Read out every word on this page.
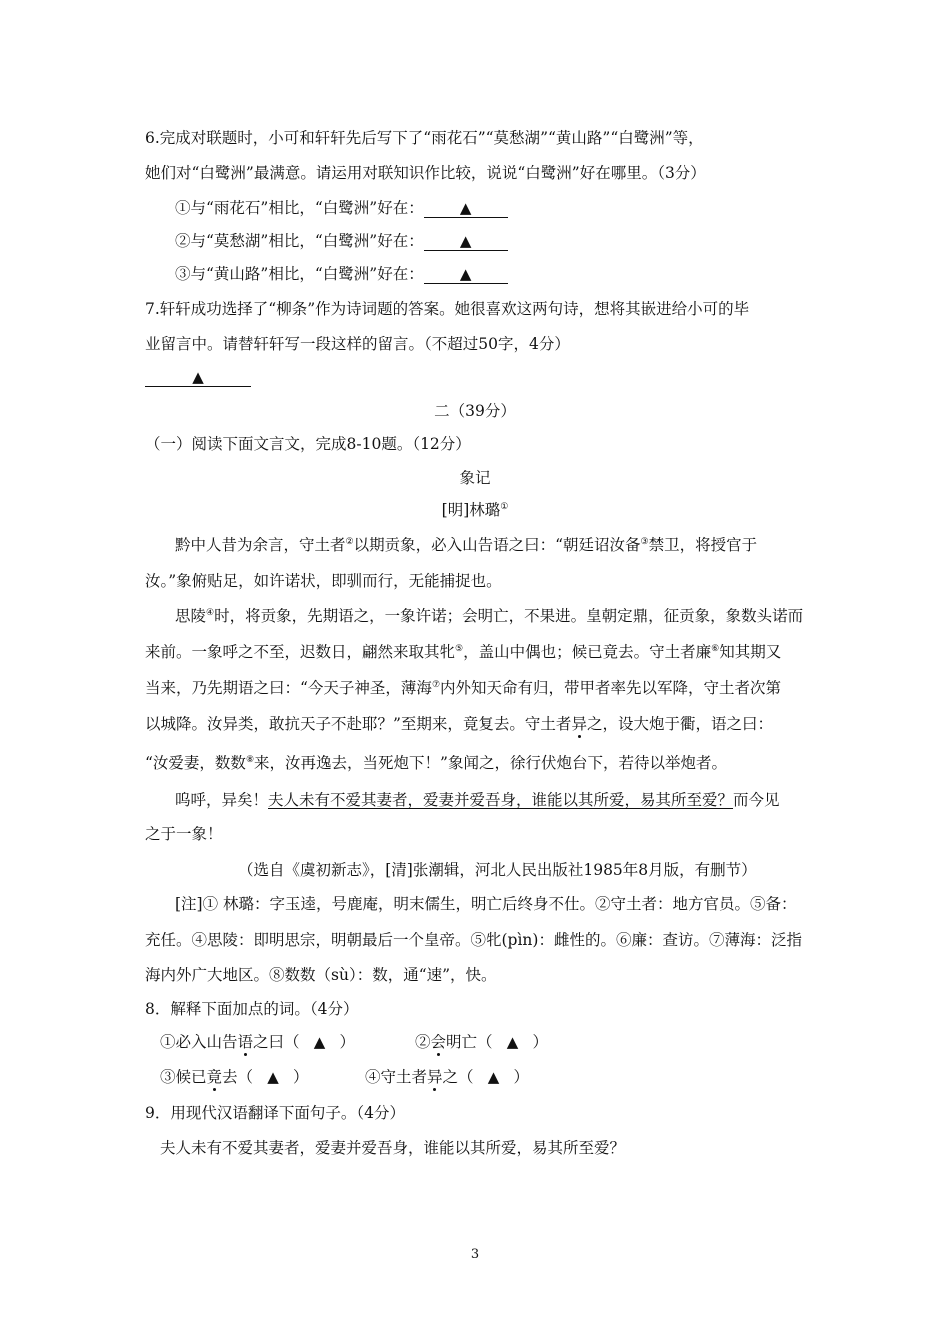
6.完成对联题时，小可和轩轩先后写下了“雨花石”“莫愁湖”“黄山路”“白鹭洲”等，
她们对“白鹭洲”最满意。请运用对联知识作比较，说说“白鹭洲”好在哪里。（3分）
①与“雨花石”相比，“白鹭洲”好在： ▲
②与“莫愁湖”相比，“白鹭洲”好在： ▲
③与“黄山路”相比，“白鹭洲”好在： ▲
7.轩轩成功选择了“柳条”作为诗词题的答案。她很喜欢这两句诗，想将其嵌进给小可的毕
业留言中。请替轩轩写一段这样的留言。（不超过50字，4分）
▲
二（39分）
（一）阅读下面文言文，完成8-10题。（12分）
象记
[明]林璐①
黔中人昔为余言，守土者②以期贡象，必入山告语之曰：“朝廷诏汝备③禁卫，将授官于
汝。”象俯贴足，如许诺状，即驯而行，无能捕捉也。
思陵④时，将贡象，先期语之，一象许诺；会明亡，不果进。皇朝定鼎，征贡象，象数头诺而
来前。一象呼之不至，迟数日，翩然来取其牝⑤，盖山中偶也；候已竟去。守土者廉⑥知其期又
当来，乃先期语之曰：“今天子神圣，薄海⑦内外知天命有归，带甲者率先以军降，守土者次第
以城降。汝异类，敢抗天子不赴耶？”至期来，竟复去。守土者异之，设大炮于衢，语之曰：
“汝爱妻，数数⑧来，汝再逸去，当死炮下！”象闻之，徐行伏炮台下，若待以举炮者。
呜呼，异矣！夫人未有不爱其妻者，爱妻并爱吾身，谁能以其所爱，易其所至爱？而今见
之于一象！
（选自《虞初新志》，[清]张潮辑，河北人民出版社1985年8月版，有删节）
[注]① 林璐：字玉逵，号鹿庵，明末儒生，明亡后终身不仕。②守土者：地方官员。⑤备：
充任。④思陵：即明思宗，明朝最后一个皇帝。⑤牝(pìn)：雌性的。⑥廉：查访。⑦薄海：泛指
海内外广大地区。⑧数数（sù）：数，通“速”，快。
8．解释下面加点的词。（4分）
①必入山告语之曰（ ▲ ）	②会明亡（ ▲ ）
③候已竟去（ ▲ ）	④守土者异之（ ▲ ）
9．用现代汉语翻译下面句子。（4分）
夫人未有不爱其妻者，爱妻并爱吾身，谁能以其所爱，易其所至爱？
3
